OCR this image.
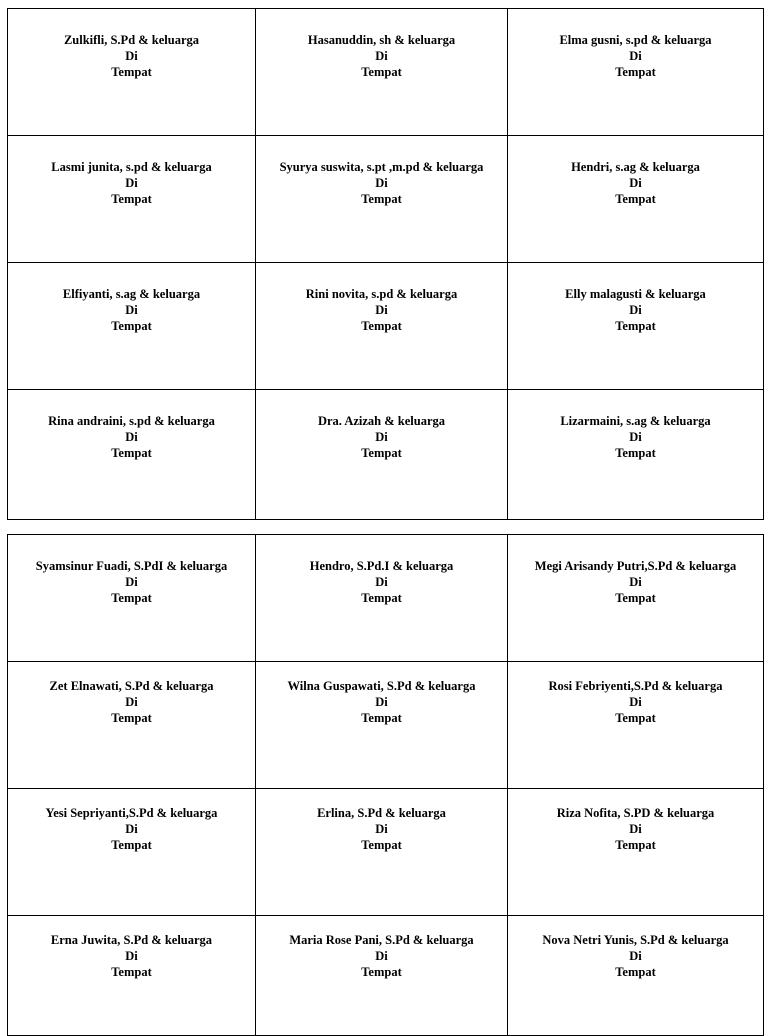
Zulkifli, S.Pd & keluarga
Di
Tempat	Hasanuddin, sh & keluarga
Di
Tempat	Elma gusni, s.pd & keluarga
Di
Tempat

Lasmi junita, s.pd & keluarga
Di
Tempat	Syurya suswita, s.pt ,m.pd & keluarga
Di
Tempat	Hendri, s.ag & keluarga
Di
Tempat

Elfiyanti, s.ag & keluarga
Di
Tempat	Rini novita, s.pd & keluarga
Di
Tempat	Elly malagusti & keluarga
Di
Tempat

Rina andraini, s.pd & keluarga
Di
Tempat	Dra. Azizah & keluarga
Di
Tempat	Lizarmaini, s.ag & keluarga
Di
Tempat
Syamsinur Fuadi, S.PdI & keluarga
Di
Tempat	Hendro, S.Pd.I & keluarga
Di
Tempat	Megi Arisandy Putri,S.Pd & keluarga
Di
Tempat

Zet Elnawati, S.Pd & keluarga
Di
Tempat	Wilna Guspawati, S.Pd & keluarga
Di
Tempat	Rosi Febriyenti,S.Pd & keluarga
Di
Tempat

Yesi Sepriyanti,S.Pd & keluarga
Di
Tempat	Erlina, S.Pd & keluarga
Di
Tempat	Riza Nofita, S.PD & keluarga
Di
Tempat

Erna Juwita, S.Pd & keluarga
Di
Tempat	Maria Rose Pani, S.Pd & keluarga
Di
Tempat	Nova Netri Yunis, S.Pd & keluarga
Di
Tempat
